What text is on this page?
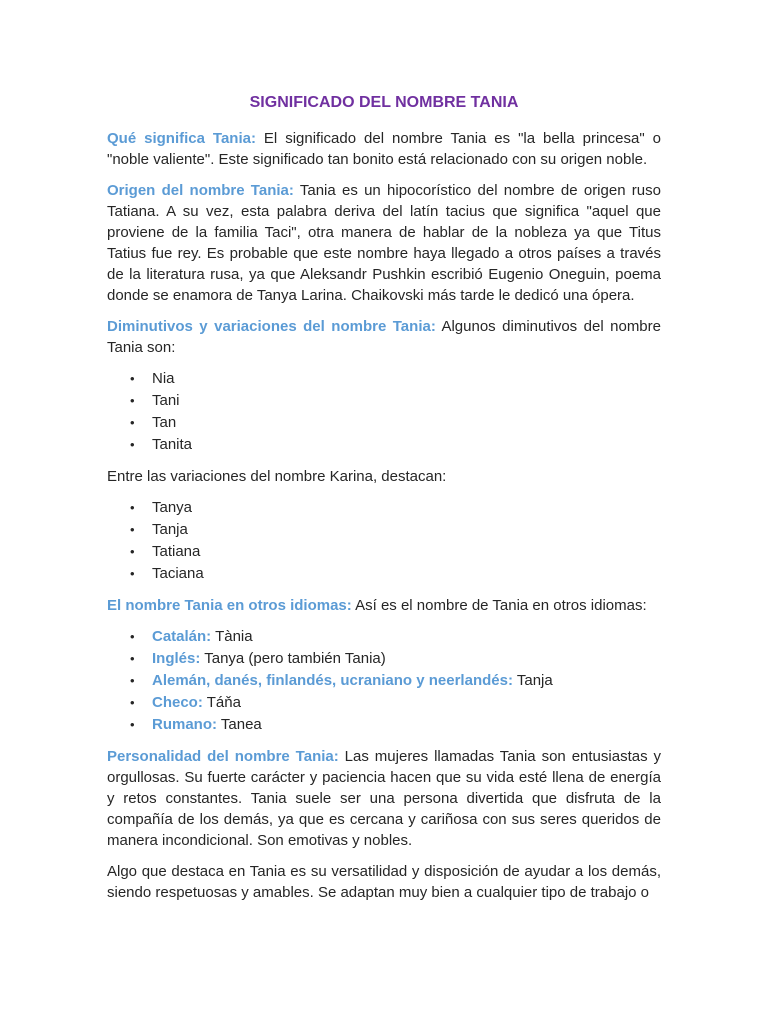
SIGNIFICADO DEL NOMBRE TANIA

Qué significa Tania: El significado del nombre Tania es "la bella princesa" o "noble valiente". Este significado tan bonito está relacionado con su origen noble.

Origen del nombre Tania: Tania es un hipocorístico del nombre de origen ruso Tatiana. A su vez, esta palabra deriva del latín tacius que significa "aquel que proviene de la familia Taci", otra manera de hablar de la nobleza ya que Titus Tatius fue rey. Es probable que este nombre haya llegado a otros países a través de la literatura rusa, ya que Aleksandr Pushkin escribió Eugenio Oneguin, poema donde se enamora de Tanya Larina. Chaikovski más tarde le dedicó una ópera.

Diminutivos y variaciones del nombre Tania: Algunos diminutivos del nombre Tania son:

• Nia
• Tani
• Tan
• Tanita

Entre las variaciones del nombre Karina, destacan:

• Tanya
• Tanja
• Tatiana
• Taciana

El nombre Tania en otros idiomas: Así es el nombre de Tania en otros idiomas:

• Catalán: Tània
• Inglés: Tanya (pero también Tania)
• Alemán, danés, finlandés, ucraniano y neerlandés: Tanja
• Checo: Táňa
• Rumano: Tanea

Personalidad del nombre Tania: Las mujeres llamadas Tania son entusiastas y orgullosas. Su fuerte carácter y paciencia hacen que su vida esté llena de energía y retos constantes. Tania suele ser una persona divertida que disfruta de la compañía de los demás, ya que es cercana y cariñosa con sus seres queridos de manera incondicional. Son emotivas y nobles.

Algo que destaca en Tania es su versatilidad y disposición de ayudar a los demás, siendo respetuosas y amables. Se adaptan muy bien a cualquier tipo de trabajo o
